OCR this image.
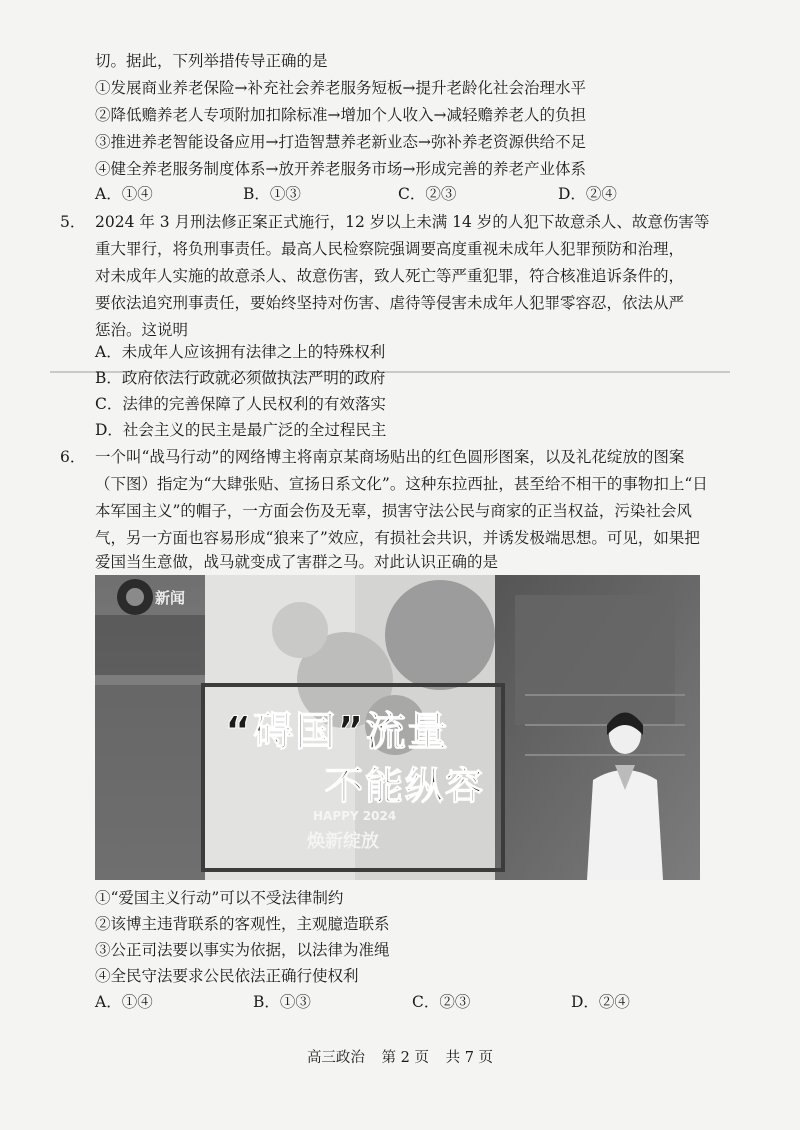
切。据此，下列举措传导正确的是
①发展商业养老保险→补充社会养老服务短板→提升老龄化社会治理水平
②降低赡养老人专项附加扣除标准→增加个人收入→减轻赡养老人的负担
③推进养老智能设备应用→打造智慧养老新业态→弥补养老资源供给不足
④健全养老服务制度体系→放开养老服务市场→形成完善的养老产业体系
A．①④	B．①③	C．②③	D．②④
5． 2024 年 3 月刑法修正案正式施行，12 岁以上未满 14 岁的人犯下故意杀人、故意伤害等
重大罪行，将负刑事责任。最高人民检察院强调要高度重视未成年人犯罪预防和治理，
对未成年人实施的故意杀人、故意伤害，致人死亡等严重犯罪，符合核准追诉条件的，
要依法追究刑事责任，要始终坚持对伤害、虐待等侵害未成年人犯罪零容忍，依法从严
惩治。这说明
A．未成年人应该拥有法律之上的特殊权利
B．政府依法行政就必须做执法严明的政府
C．法律的完善保障了人民权利的有效落实
D．社会主义的民主是最广泛的全过程民主
6． 一个叫“战马行动”的网络博主将南京某商场贴出的红色圆形图案，以及礼花绽放的图案
（下图）指定为“大肆张贴、宣扬日系文化”。这种东拉西扯，甚至给不相干的事物扣上“日
本军国主义”的帽子，一方面会伤及无辜，损害守法公民与商家的正当权益，污染社会风
气，另一方面也容易形成“狼来了”效应，有损社会共识，并诱发极端思想。可见，如果把
爱国当生意做，战马就变成了害群之马。对此认识正确的是
新闻
“碍国”流量
不能纵容
HAPPY 2024
焕新绽放
①“爱国主义行动”可以不受法律制约
②该博主违背联系的客观性，主观臆造联系
③公正司法要以事实为依据，以法律为准绳
④全民守法要求公民依法正确行使权利
A．①④	B．①③	C．②③	D．②④
高三政治 第 2 页 共 7 页
